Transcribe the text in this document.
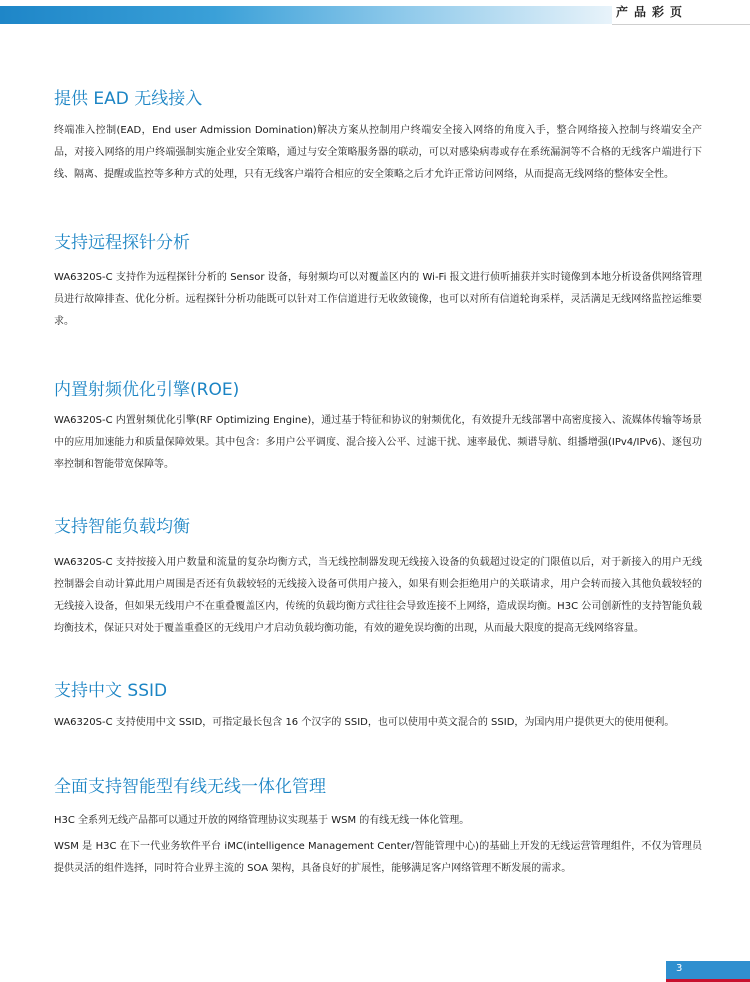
产品彩页
提供 EAD 无线接入

终端准入控制(EAD，End user Admission Domination)解决方案从控制用户终端安全接入网络的角度入手，整合网络接入控制与终端安全产品，对接入网络的用户终端强制实施企业安全策略，通过与安全策略服务器的联动，可以对感染病毒或存在系统漏洞等不合格的无线客户端进行下线、隔离、提醒或监控等多种方式的处理，只有无线客户端符合相应的安全策略之后才允许正常访问网络，从而提高无线网络的整体安全性。

支持远程探针分析

WA6320S-C 支持作为远程探针分析的 Sensor 设备，每射频均可以对覆盖区内的 Wi-Fi 报文进行侦听捕获并实时镜像到本地分析设备供网络管理员进行故障排查、优化分析。远程探针分析功能既可以针对工作信道进行无收敛镜像，也可以对所有信道轮询采样，灵活满足无线网络监控运维要求。

内置射频优化引擎(ROE)

WA6320S-C 内置射频优化引擎(RF Optimizing Engine)，通过基于特征和协议的射频优化，有效提升无线部署中高密度接入、流媒体传输等场景中的应用加速能力和质量保障效果。其中包含：多用户公平调度、混合接入公平、过滤干扰、速率最优、频谱导航、组播增强(IPv4/IPv6)、逐包功率控制和智能带宽保障等。

支持智能负载均衡

WA6320S-C 支持按接入用户数量和流量的复杂均衡方式，当无线控制器发现无线接入设备的负载超过设定的门限值以后，对于新接入的用户无线控制器会自动计算此用户周围是否还有负载较轻的无线接入设备可供用户接入，如果有则会拒绝用户的关联请求，用户会转而接入其他负载较轻的无线接入设备，但如果无线用户不在重叠覆盖区内，传统的负载均衡方式往往会导致连接不上网络，造成误均衡。H3C 公司创新性的支持智能负载均衡技术，保证只对处于覆盖重叠区的无线用户才启动负载均衡功能，有效的避免误均衡的出现，从而最大限度的提高无线网络容量。

支持中文 SSID

WA6320S-C 支持使用中文 SSID，可指定最长包含 16 个汉字的 SSID，也可以使用中英文混合的 SSID，为国内用户提供更大的使用便利。

全面支持智能型有线无线一体化管理

H3C 全系列无线产品都可以通过开放的网络管理协议实现基于 WSM 的有线无线一体化管理。

WSM 是 H3C 在下一代业务软件平台 iMC(intelligence Management Center/智能管理中心)的基础上开发的无线运营管理组件，不仅为管理员提供灵活的组件选择，同时符合业界主流的 SOA 架构，具备良好的扩展性，能够满足客户网络管理不断发展的需求。

3
